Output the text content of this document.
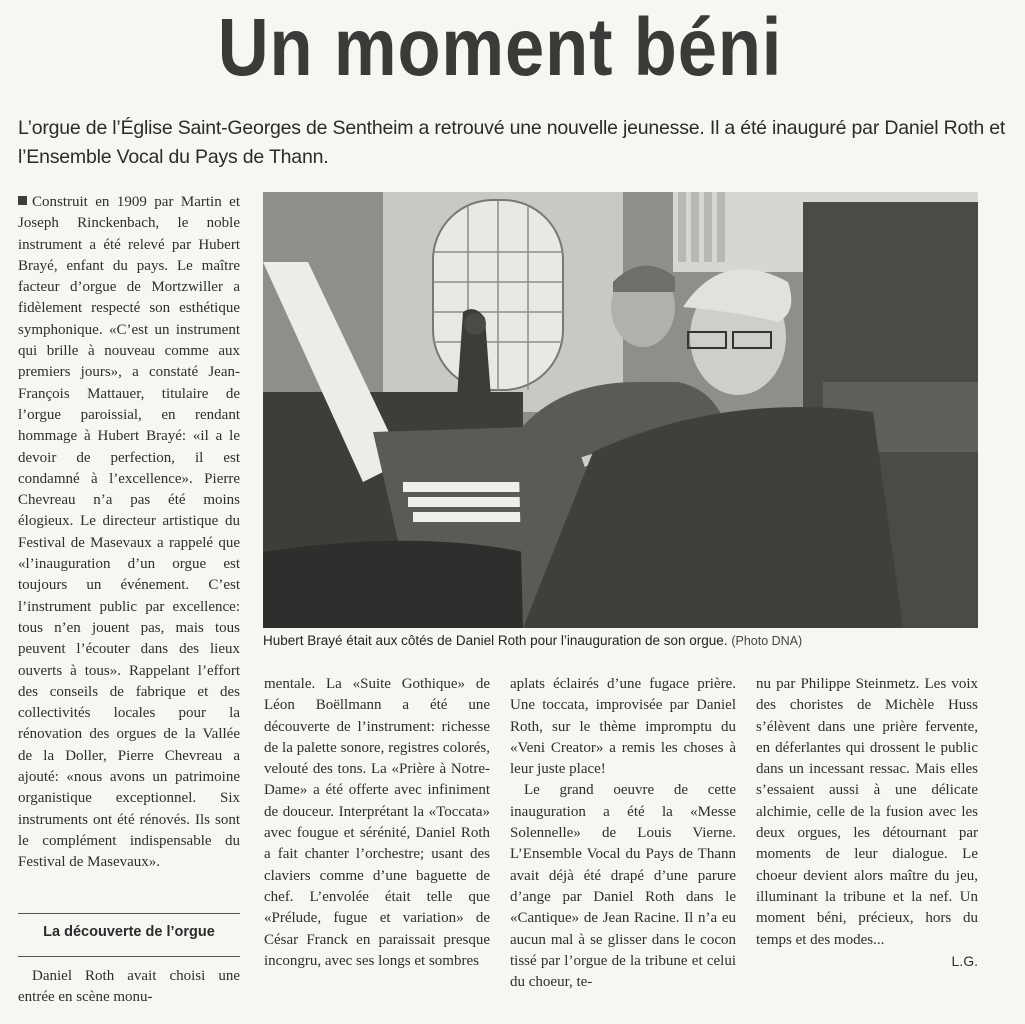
Un moment béni
L’orgue de l’Église Saint-Georges de Sentheim a retrouvé une nouvelle jeunesse. Il a été inauguré par Daniel Roth et l’Ensemble Vocal du Pays de Thann.

Construit en 1909 par Martin et Joseph Rinckenbach, le noble instrument a été relevé par Hubert Brayé, enfant du pays. Le maître facteur d’orgue de Mortzwiller a fidèlement respecté son esthétique symphonique. «C’est un instrument qui brille à nouveau comme aux premiers jours», a constaté Jean-François Mattauer, titulaire de l’orgue paroissial, en rendant hommage à Hubert Brayé: «il a le devoir de perfection, il est condamné à l’excellence». Pierre Chevreau n’a pas été moins élogieux. Le directeur artistique du Festival de Masevaux a rappelé que «l’inauguration d’un orgue est toujours un événement. C’est l’instrument public par excellence: tous n’en jouent pas, mais tous peuvent l’écouter dans des lieux ouverts à tous». Rappelant l’effort des conseils de fabrique et des collectivités locales pour la rénovation des orgues de la Vallée de la Doller, Pierre Chevreau a ajouté: «nous avons un patrimoine organistique exceptionnel. Six instruments ont été rénovés. Ils sont le complément indispensable du Festival de Masevaux».

La découverte de l’orgue

Daniel Roth avait choisi une entrée en scène monu-

Hubert Brayé était aux côtés de Daniel Roth pour l’inauguration de son orgue. (Photo DNA)

mentale. La «Suite Gothique» de Léon Boëllmann a été une découverte de l’instrument: richesse de la palette sonore, registres colorés, velouté des tons. La «Prière à Notre-Dame» a été offerte avec infiniment de douceur. Interprétant la «Toccata» avec fougue et sérénité, Daniel Roth a fait chanter l’orchestre; usant des claviers comme d’une baguette de chef. L’envolée était telle que «Prélude, fugue et variation» de César Franck en paraissait presque incongru, avec ses longs et sombres

aplats éclairés d’une fugace prière. Une toccata, improvisée par Daniel Roth, sur le thème impromptu du «Veni Creator» a remis les choses à leur juste place!

Le grand oeuvre de cette inauguration a été la «Messe Solennelle» de Louis Vierne. L’Ensemble Vocal du Pays de Thann avait déjà été drapé d’une parure d’ange par Daniel Roth dans le «Cantique» de Jean Racine. Il n’a eu aucun mal à se glisser dans le cocon tissé par l’orgue de la tribune et celui du choeur, te-

nu par Philippe Steinmetz. Les voix des choristes de Michèle Huss s’élèvent dans une prière fervente, en déferlantes qui drossent le public dans un incessant ressac. Mais elles s’essaient aussi à une délicate alchimie, celle de la fusion avec les deux orgues, les détournant par moments de leur dialogue. Le choeur devient alors maître du jeu, illuminant la tribune et la nef. Un moment béni, précieux, hors du temps et des modes...

L.G.
